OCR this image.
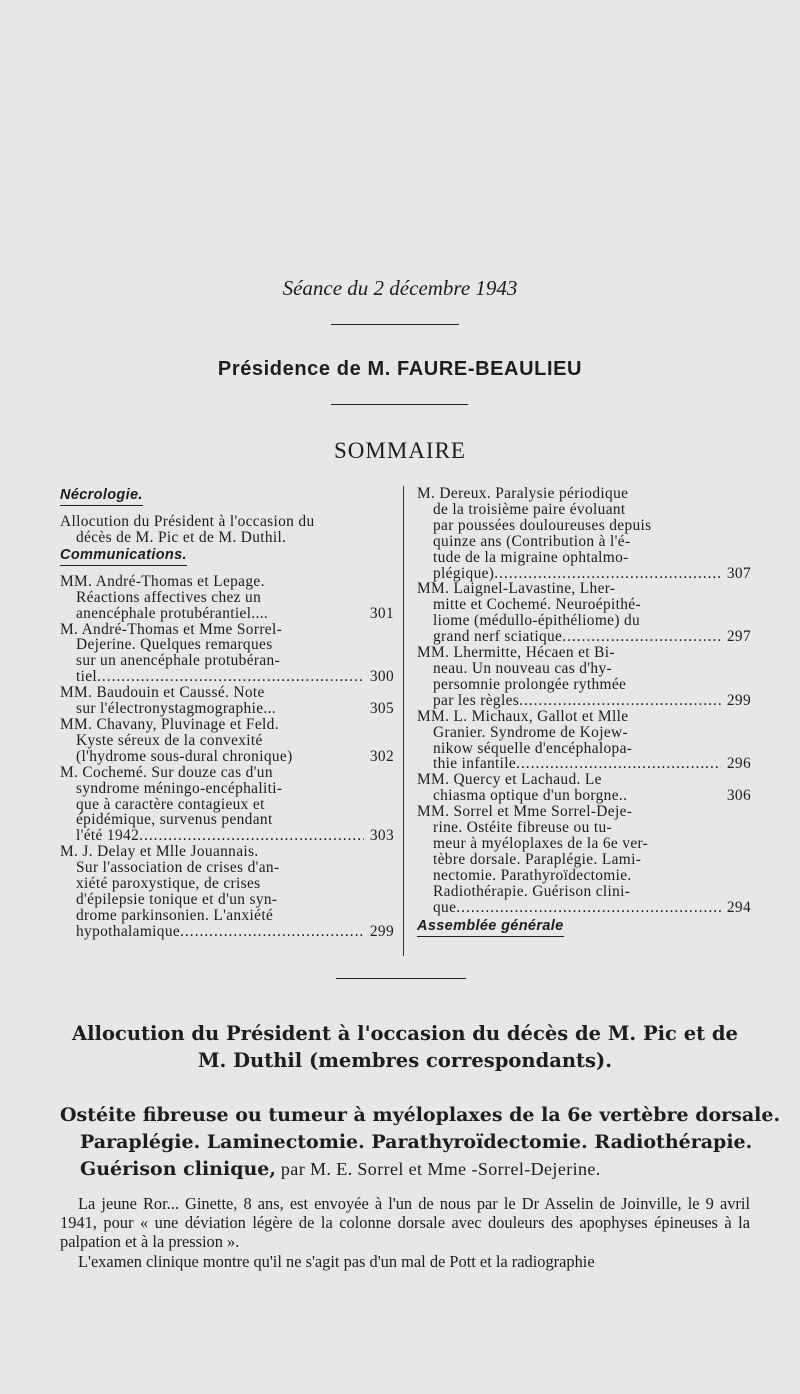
Séance du 2 décembre 1943
Présidence de M. FAURE-BEAULIEU
SOMMAIRE
Nécrologie.
Allocution du Président à l'occasion du
décès de M. Pic et de M. Duthil.
Communications.
MM. André-Thomas et Lepage.
Réactions affectives chez un
anencéphale protubérantiel....	301
M. André-Thomas et Mme Sorrel-
Dejerine. Quelques remarques
sur un anencéphale protubéran-
tiel .....	300
MM. Baudouin et Caussé. Note
sur l'électronystagmographie...	305
MM. Chavany, Pluvinage et Feld.
Kyste séreux de la convexité
(l'hydrome sous-dural chronique)	302
M. Cochemé. Sur douze cas d'un
syndrome méningo-encéphaliti-
que à caractère contagieux et
épidémique, survenus pendant
l'été 1942 .....	303
M. J. Delay et Mlle Jouannais.
Sur l'association de crises d'an-
xiété paroxystique, de crises
d'épilepsie tonique et d'un syn-
drome parkinsonien. L'anxiété
hypothalamique .....	299
M. Dereux. Paralysie périodique
de la troisième paire évoluant
par poussées douloureuses depuis
quinze ans (Contribution à l'é-
tude de la migraine ophtalmo-
plégique) .....	307
MM. Laignel-Lavastine, Lher-
mitte et Cochemé. Neuroépithé-
liome (médullo-épithéliome) du
grand nerf sciatique .....	297
MM. Lhermitte, Hécaen et Bi-
neau. Un nouveau cas d'hy-
persomnie prolongée rythmée
par les règles .....	299
MM. L. Michaux, Gallot et Mlle
Granier. Syndrome de Kojew-
nikow séquelle d'encéphalopa-
thie infantile .....	296
MM. Quercy et Lachaud. Le
chiasma optique d'un borgne..	306
MM. Sorrel et Mme Sorrel-Deje-
rine. Ostéite fibreuse ou tu-
meur à myéloplaxes de la 6e ver-
tèbre dorsale. Paraplégie. Lami-
nectomie. Parathyroïdectomie.
Radiothérapie. Guérison clini-
que .....	294
Assemblée générale
Allocution du Président à l'occasion du décès de M. Pic et de
M. Duthil (membres correspondants).
Ostéite fibreuse ou tumeur à myéloplaxes de la 6e vertèbre dorsale.
Paraplégie. Laminectomie. Parathyroïdectomie. Radiothérapie.
Guérison clinique, par M. E. Sorrel et Mme -Sorrel-Dejerine.

La jeune Ror... Ginette, 8 ans, est envoyée à l'un de nous par le Dr Asselin de Joinville, le 9 avril 1941, pour « une déviation légère de la colonne dorsale avec douleurs des apophyses épineuses à la palpation et à la pression ».

L'examen clinique montre qu'il ne s'agit pas d'un mal de Pott et la radiographie
